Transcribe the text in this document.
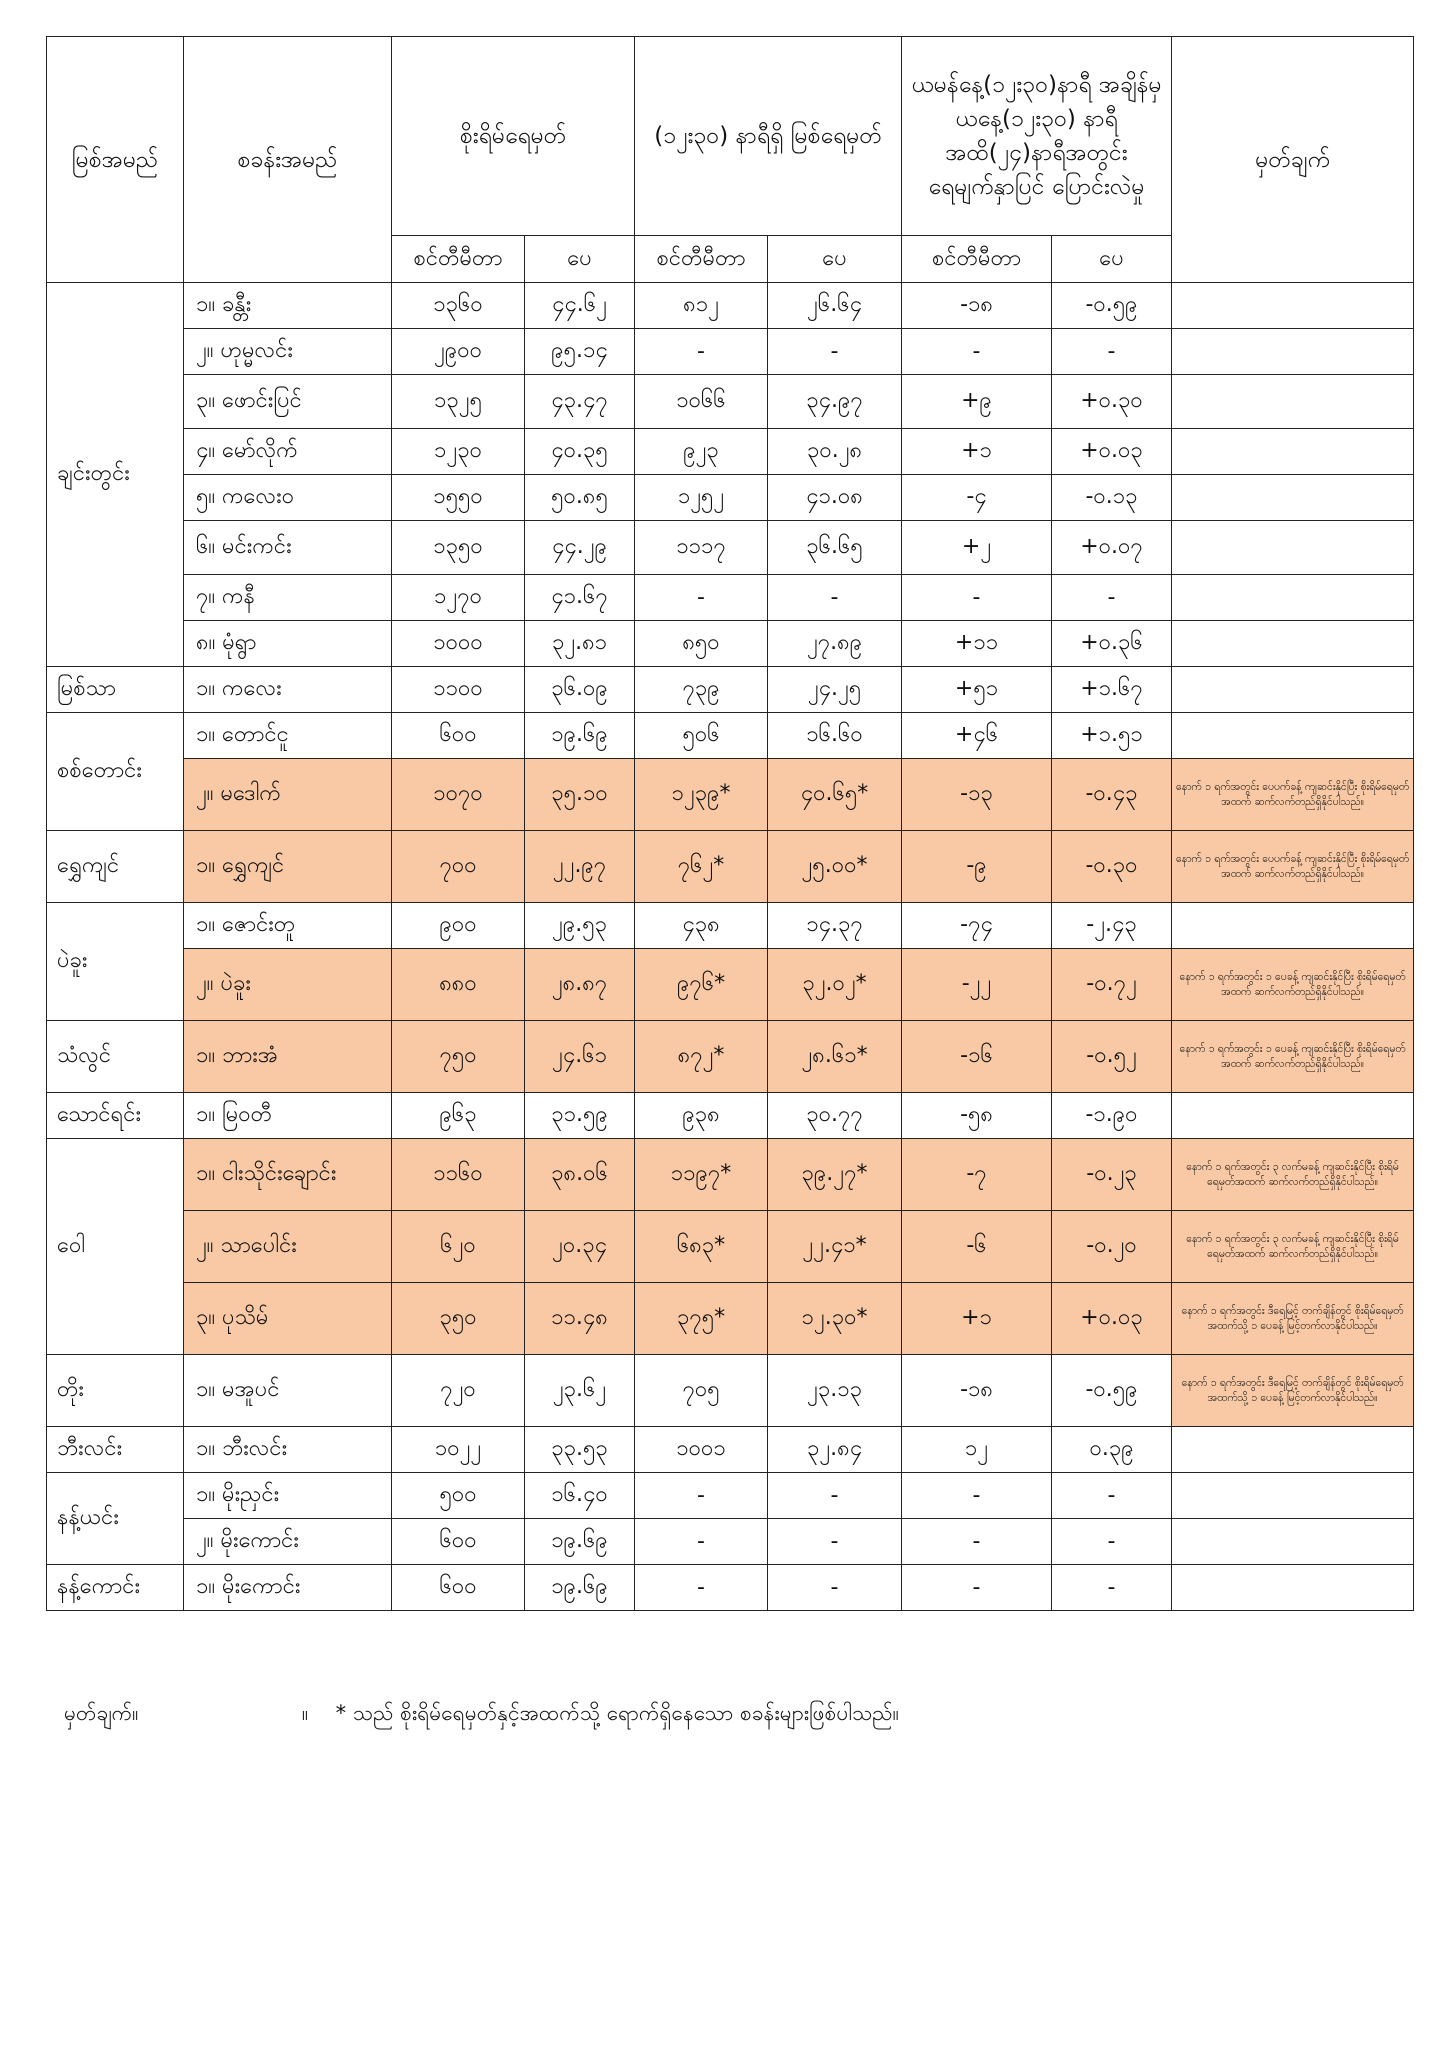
မြစ်အမည်	စခန်းအမည်	စိုးရိမ်ရေမှတ်		(၁၂း၃၀) နာရီရှိ မြစ်ရေမှတ်		ယမန်နေ့(၁၂း၃၀)နာရီ အချိန်မှ ယနေ့(၁၂း၃၀) နာရီအထိ(၂၄)နာရီအတွင်း ရေမျက်နှာပြင် ပြောင်းလဲမှု		မှတ်ချက်
		စင်တီမီတာ	ပေ	စင်တီမီတာ	ပေ	စင်တီမီတာ	ပေ	
ချင်းတွင်း	၁။ ခန္တီး	၁၃၆၀	၄၄.၆၂	၈၁၂	၂၆.၆၄	-၁၈	-၀.၅၉	
	၂။ ဟုမ္မလင်း	၂၉၀၀	၉၅.၁၄	-	-	-	-	
	၃။ ဖောင်းပြင်	၁၃၂၅	၄၃.၄၇	၁၀၆၆	၃၄.၉၇	+၉	+၀.၃၀	
	၄။ မော်လိုက်	၁၂၃၀	၄၀.၃၅	၉၂၃	၃၀.၂၈	+၁	+၀.၀၃	
	၅။ ကလေးဝ	၁၅၅၀	၅၀.၈၅	၁၂၅၂	၄၁.၀၈	-၄	-၀.၁၃	
	၆။ မင်းကင်း	၁၃၅၀	၄၄.၂၉	၁၁၁၇	၃၆.၆၅	+၂	+၀.၀၇	
	၇။ ကနီ	၁၂၇၀	၄၁.၆၇	-	-	-	-	
	၈။ မုံရွာ	၁၀၀၀	၃၂.၈၁	၈၅၀	၂၇.၈၉	+၁၁	+၀.၃၆	
မြစ်သာ	၁။ ကလေး	၁၁၀၀	၃၆.၀၉	၇၃၉	၂၄.၂၅	+၅၁	+၁.၆၇	
စစ်တောင်း	၁။ တောင်ငူ	၆၀၀	၁၉.၆၉	၅၀၆	၁၆.၆၀	+၄၆	+၁.၅၁	
	၂။ မဒေါက်	၁၀၇၀	၃၅.၁၀	၁၂၃၉*	၄၀.၆၅*	-၁၃	-၀.၄၃	နောက် ၁ ရက်အတွင်း ပေပက်ခန့် ကျဆင်းနိုင်ပြီး စိုးရိမ်ရေမှတ်အထက် ဆက်လက်တည်ရှိနိုင်ပါသည်။
ရွှေကျင်	၁။ ရွှေကျင်	၇၀၀	၂၂.၉၇	၇၆၂*	၂၅.၀၀*	-၉	-၀.၃၀	နောက် ၁ ရက်အတွင်း ပေပက်ခန့် ကျဆင်းနိုင်ပြီး စိုးရိမ်ရေမှတ်အထက် ဆက်လက်တည်ရှိနိုင်ပါသည်။
ပဲခူး	၁။ ဇောင်းတူ	၉၀၀	၂၉.၅၃	၄၃၈	၁၄.၃၇	-၇၄	-၂.၄၃	
	၂။ ပဲခူး	၈၈၀	၂၈.၈၇	၉၇၆*	၃၂.၀၂*	-၂၂	-၀.၇၂	နောက် ၁ ရက်အတွင်း ၁ ပေခန့် ကျဆင်းနိုင်ပြီး စိုးရိမ်ရေမှတ်အထက် ဆက်လက်တည်ရှိနိုင်ပါသည်။
သံလွင်	၁။ ဘားအံ	၇၅၀	၂၄.၆၁	၈၇၂*	၂၈.၆၁*	-၁၆	-၀.၅၂	နောက် ၁ ရက်အတွင်း ၁ ပေခန့် ကျဆင်းနိုင်ပြီး စိုးရိမ်ရေမှတ်အထက် ဆက်လက်တည်ရှိနိုင်ပါသည်။
သောင်ရင်း	၁။ မြဝတီ	၉၆၃	၃၁.၅၉	၉၃၈	၃၀.၇၇	-၅၈	-၁.၉၀	
ဝေါ	၁။ ငါးသိုင်းချောင်း	၁၁၆၀	၃၈.၀၆	၁၁၉၇*	၃၉.၂၇*	-၇	-၀.၂၃	နောက် ၁ ရက်အတွင်း ၃ လက်မခန့် ကျဆင်းနိုင်ပြီး စိုးရိမ်ရေမှတ်အထက် ဆက်လက်တည်ရှိနိုင်ပါသည်။
	၂။ သာပေါင်း	၆၂၀	၂၀.၃၄	၆၈၃*	၂၂.၄၁*	-၆	-၀.၂၀	နောက် ၁ ရက်အတွင်း ၃ လက်မခန့် ကျဆင်းနိုင်ပြီး စိုးရိမ်ရေမှတ်အထက် ဆက်လက်တည်ရှိနိုင်ပါသည်။
	၃။ ပုသိမ်	၃၅၀	၁၁.၄၈	၃၇၅*	၁၂.၃၀*	+၁	+၀.၀၃	နောက် ၁ ရက်အတွင်း ဒီရေမြင့် တက်ချိန်တွင် စိုးရိမ်ရေမှတ်အထက်သို့ ၁ ပေခန့် မြင့်တက်လာနိုင်ပါသည်။
တိုး	၁။ မအူပင်	၇၂၀	၂၃.၆၂	၇၀၅	၂၃.၁၃	-၁၈	-၀.၅၉	နောက် ၁ ရက်အတွင်း ဒီရေမြင့် တက်ချိန်တွင် စိုးရိမ်ရေမှတ်အထက်သို့ ၁ ပေခန့် မြင့်တက်လာနိုင်ပါသည်။
ဘီးလင်း	၁။ ဘီးလင်း	၁၀၂၂	၃၃.၅၃	၁၀၀၁	၃၂.၈၄	၁၂	၀.၃၉	
နန့်ယင်း	၁။ မိုးညှင်း	၅၀၀	၁၆.၄၀	-	-	-	-	
	၂။ မိုးကောင်း	၆၀၀	၁၉.၆၉	-	-	-	-	
နန့်ကောင်း	၁။ မိုးကောင်း	၆၀၀	၁၉.၆၉	-	-	-	-	
မှတ်ချက်။	။ * သည် စိုးရိမ်ရေမှတ်နှင့်အထက်သို့ ရောက်ရှိနေသော စခန်းများဖြစ်ပါသည်။
